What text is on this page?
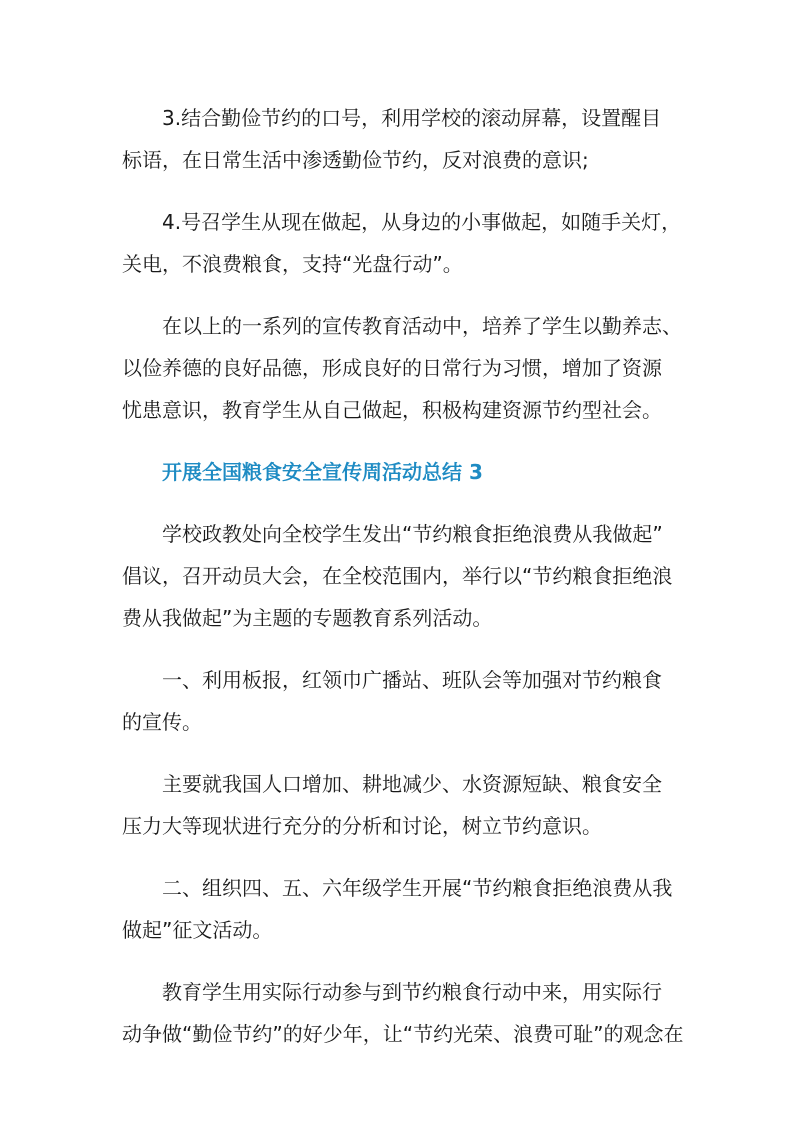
3.结合勤俭节约的口号，利用学校的滚动屏幕，设置醒目
标语，在日常生活中渗透勤俭节约，反对浪费的意识;
4.号召学生从现在做起，从身边的小事做起，如随手关灯，
关电，不浪费粮食，支持“光盘行动”。
在以上的一系列的宣传教育活动中，培养了学生以勤养志、
以俭养德的良好品德，形成良好的日常行为习惯，增加了资源
忧患意识，教育学生从自己做起，积极构建资源节约型社会。
开展全国粮食安全宣传周活动总结 3
学校政教处向全校学生发出“节约粮食拒绝浪费从我做起”
倡议，召开动员大会，在全校范围内，举行以“节约粮食拒绝浪
费从我做起”为主题的专题教育系列活动。
一、利用板报，红领巾广播站、班队会等加强对节约粮食
的宣传。
主要就我国人口增加、耕地减少、水资源短缺、粮食安全
压力大等现状进行充分的分析和讨论，树立节约意识。
二、组织四、五、六年级学生开展“节约粮食拒绝浪费从我
做起”征文活动。
教育学生用实际行动参与到节约粮食行动中来，用实际行
动争做“勤俭节约”的好少年，让“节约光荣、浪费可耻”的观念在
